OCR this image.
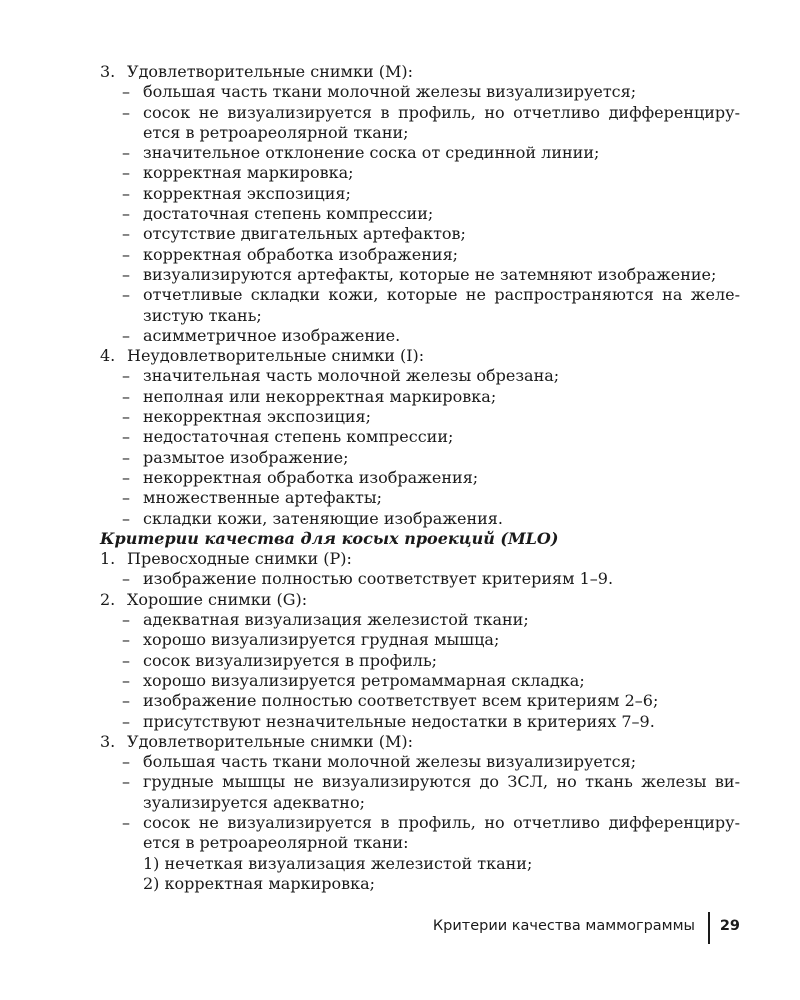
3. Удовлетворительные снимки (M):
– большая часть ткани молочной железы визуализируется;
– сосок не визуализируется в профиль, но отчетливо дифференциру-
ется в ретроареолярной ткани;
– значительное отклонение соска от срединной линии;
– корректная маркировка;
– корректная экспозиция;
– достаточная степень компрессии;
– отсутствие двигательных артефактов;
– корректная обработка изображения;
– визуализируются артефакты, которые не затемняют изображение;
– отчетливые складки кожи, которые не распространяются на желе-
зистую ткань;
– асимметричное изображение.
4. Неудовлетворительные снимки (I):
– значительная часть молочной железы обрезана;
– неполная или некорректная маркировка;
– некорректная экспозиция;
– недостаточная степень компрессии;
– размытое изображение;
– некорректная обработка изображения;
– множественные артефакты;
– складки кожи, затеняющие изображения.
Критерии качества для косых проекций (MLO)
1. Превосходные снимки (P):
– изображение полностью соответствует критериям 1–9.
2. Хорошие снимки (G):
– адекватная визуализация железистой ткани;
– хорошо визуализируется грудная мышца;
– сосок визуализируется в профиль;
– хорошо визуализируется ретромаммарная складка;
– изображение полностью соответствует всем критериям 2–6;
– присутствуют незначительные недостатки в критериях 7–9.
3. Удовлетворительные снимки (M):
– большая часть ткани молочной железы визуализируется;
– грудные мышцы не визуализируются до ЗСЛ, но ткань железы ви-
зуализируется адекватно;
– сосок не визуализируется в профиль, но отчетливо дифференциру-
ется в ретроареолярной ткани:
1) нечеткая визуализация железистой ткани;
2) корректная маркировка;
Критерии качества маммограммы 29
